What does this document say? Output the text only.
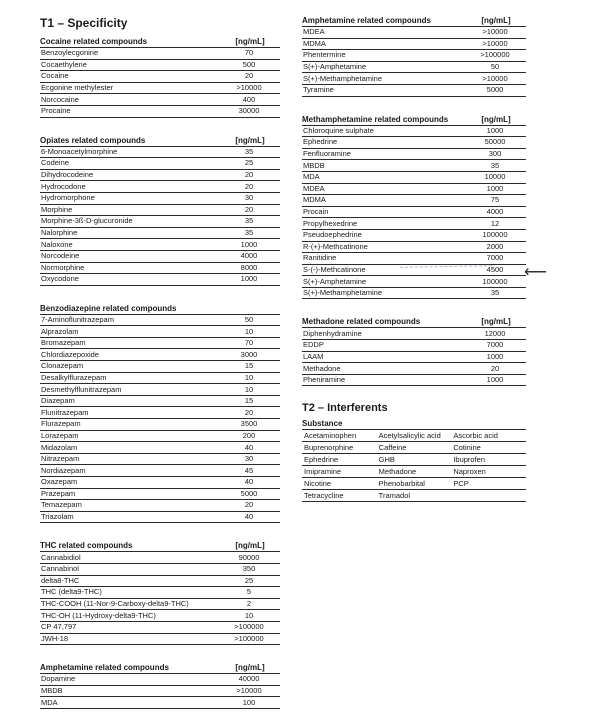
T1 – Specificity
Cocaine related compounds	[ng/mL]
Benzoylecgonine	70
Cocaethylene	500
Cocaine	20
Ecgonine methylester	>10000
Norcocaine	400
Procaine	30000
Opiates related compounds	[ng/mL]
6-Monoacetylmorphine	35
Codeine	25
Dihydrocodeine	20
Hydrocodone	20
Hydromorphone	30
Morphine	20
Morphine-3ß-D-glucuronide	35
Nalorphine	35
Naloxone	1000
Norcodeine	4000
Normorphine	8000
Oxycodone	1000
Benzodiazepine related compounds
7-Aminoflunitrazepam	50
Alprazolam	10
Bromazepam	70
Chlordiazepoxide	3000
Clonazepam	15
Desalkylflurazepam	10
Desmethylflunitrazepam	10
Diazepam	15
Flunitrazepam	20
Flurazepam	3500
Lorazepam	200
Midazolam	40
Nitrazepam	30
Nordiazepam	45
Oxazepam	40
Prazepam	5000
Temazepam	20
Triazolam	40
THC related compounds	[ng/mL]
Cannabidiol	90000
Cannabinol	350
delta8-THC	25
THC (delta9-THC)	5
THC-COOH (11-Nor-9-Carboxy-delta9-THC)	2
THC-OH (11-Hydroxy-delta9-THC)	10
CP 47,797	>100000
JWH-18	>100000
Amphetamine related compounds	[ng/mL]
Dopamine	40000
MBDB	>10000
MDA	100
Amphetamine related compounds	[ng/mL]
MDEA	>10000
MDMA	>10000
Phentermine	>100000
S(+)-Amphetamine	50
S(+)-Methamphetamine	>10000
Tyramine	5000
Methamphetamine related compounds	[ng/mL]
Chloroquine sulphate	1000
Ephedrine	50000
Fenfluoramine	300
MBDB	35
MDA	10000
MDEA	1000
MDMA	75
Procain	4000
Propylhexedrine	12
Pseudoephedrine	100000
R-(+)-Methcatinone	2000
Ranitidine	7000
S-(-)-Methcatinone	4500
S(+)-Amphetamine	100000
S(+)-Methamphetamine	35
Methadone related compounds	[ng/mL]
Diphenhydramine	12000
EDDP	7000
LAAM	1000
Methadone	20
Pheniramine	1000
T2 – Interferents
Substance
Acetaminophen	Acetylsalicylic acid	Ascorbic acid
Buprenorphine	Caffeine	Cotinine
Ephedrine	GHB	Ibuprofen
Imipramine	Methadone	Naproxen
Nicotine	Phenobarbital	PCP
Tetracycline	Tramadol	
⟵
